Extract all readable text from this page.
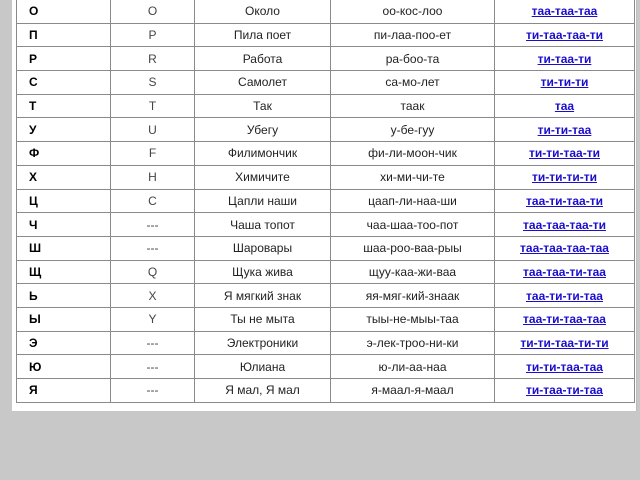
О	O	Около	оо-кос-лоо	таа-таа-таа
П	P	Пила поет	пи-лаа-поо-ет	ти-таа-таа-ти
Р	R	Работа	ра-боо-та	ти-таа-ти
С	S	Самолет	са-мо-лет	ти-ти-ти
Т	T	Так	таак	таа
У	U	Убегу	у-бе-гуу	ти-ти-таа
Ф	F	Филимончик	фи-ли-моон-чик	ти-ти-таа-ти
Х	H	Химичите	хи-ми-чи-те	ти-ти-ти-ти
Ц	C	Цапли наши	цаап-ли-наа-ши	таа-ти-таа-ти
Ч	---	Чаша топот	чаа-шаа-тоо-пот	таа-таа-таа-ти
Ш	---	Шаровары	шаа-роо-ваа-рыы	таа-таа-таа-таа
Щ	Q	Щука жива	щуу-каа-жи-ваа	таа-таа-ти-таа
Ь	X	Я мягкий знак	яя-мяг-кий-знаак	таа-ти-ти-таа
Ы	Y	Ты не мыта	тыы-не-мыы-таа	таа-ти-таа-таа
Э	---	Электроники	э-лек-трoo-ни-ки	ти-ти-таа-ти-ти
Ю	---	Юлиана	ю-ли-аа-наа	ти-ти-таа-таа
Я	---	Я мал, Я мал	я-маал-я-маал	ти-таа-ти-таа
